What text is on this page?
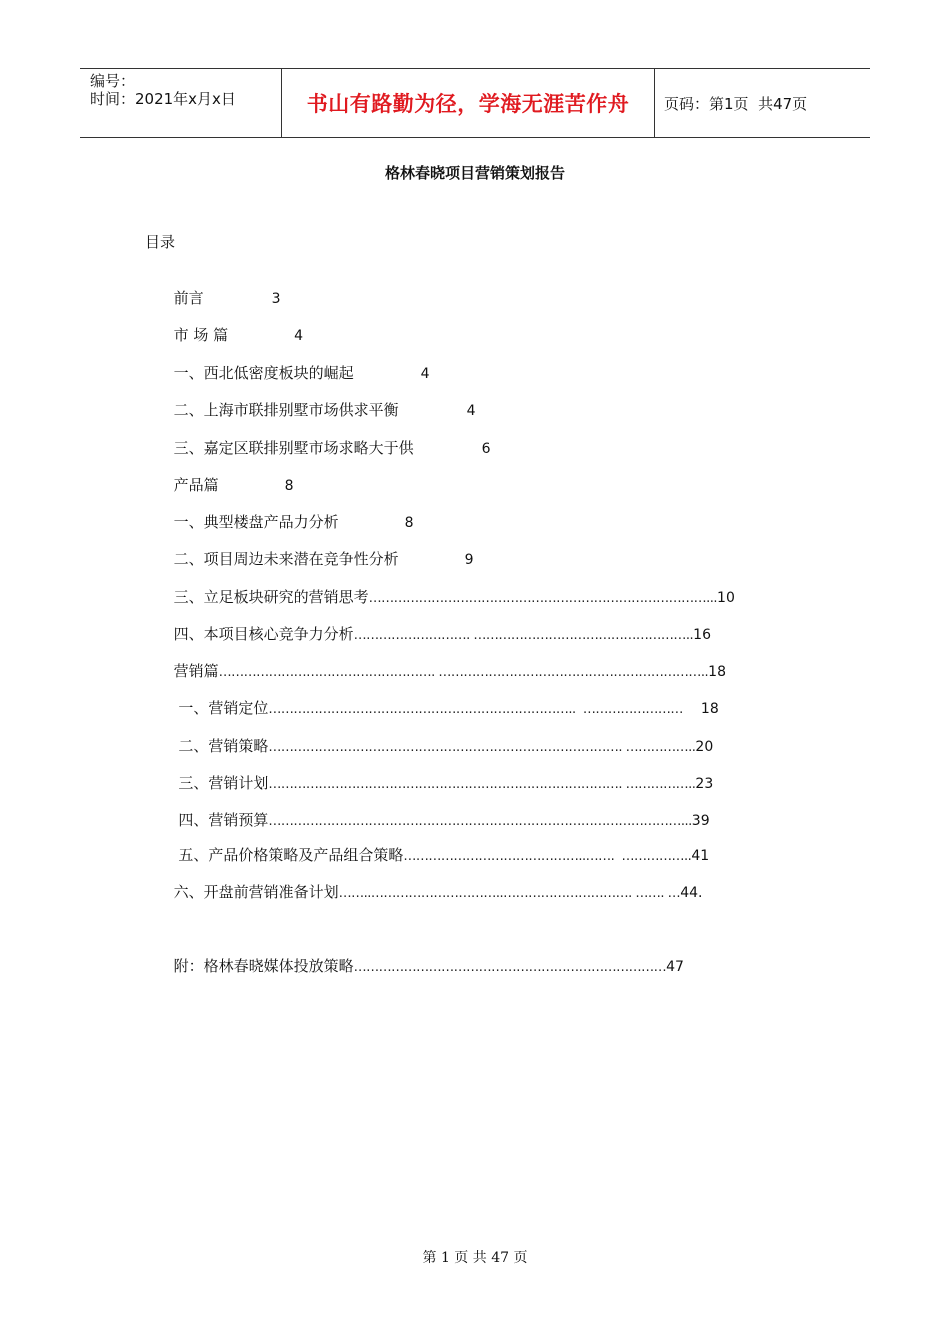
编号：
时间：2021年x月x日	书山有路勤为径，学海无涯苦作舟	页码：第1页  共47页
格林春晓项目营销策划报告
目录

前言	3

市 场 篇	4

一、西北低密度板块的崛起	4

二、上海市联排别墅市场供求平衡	4

三、嘉定区联排别墅市场求略大于供	6

产品篇	8

一、典型楼盘产品力分析	8

二、项目周边未来潜在竞争性分析	9

三、立足板块研究的营销思考………………………………………………………………………...10

四、本项目核心竞争力分析………………………. ……………………………………………..16

营销篇……………………………………………. ………………………………………………………..18

一、营销定位………………………………………………………………..  …………………… 18

二、营销策略…………………………………………………………………………. ……………..20

三、营销计划…………………………………………………………………………. ……………..23

四、营销预算………………………………………………………………………………………...39

五、产品价格策略及产品组合策略……………………………………..…….  ……………..41

六、开盘前营销准备计划……..…………………………..…………………………. ……. …44.

附：格林春晓媒体投放策略…………………………………………………………………47

第 1 页 共 47 页
